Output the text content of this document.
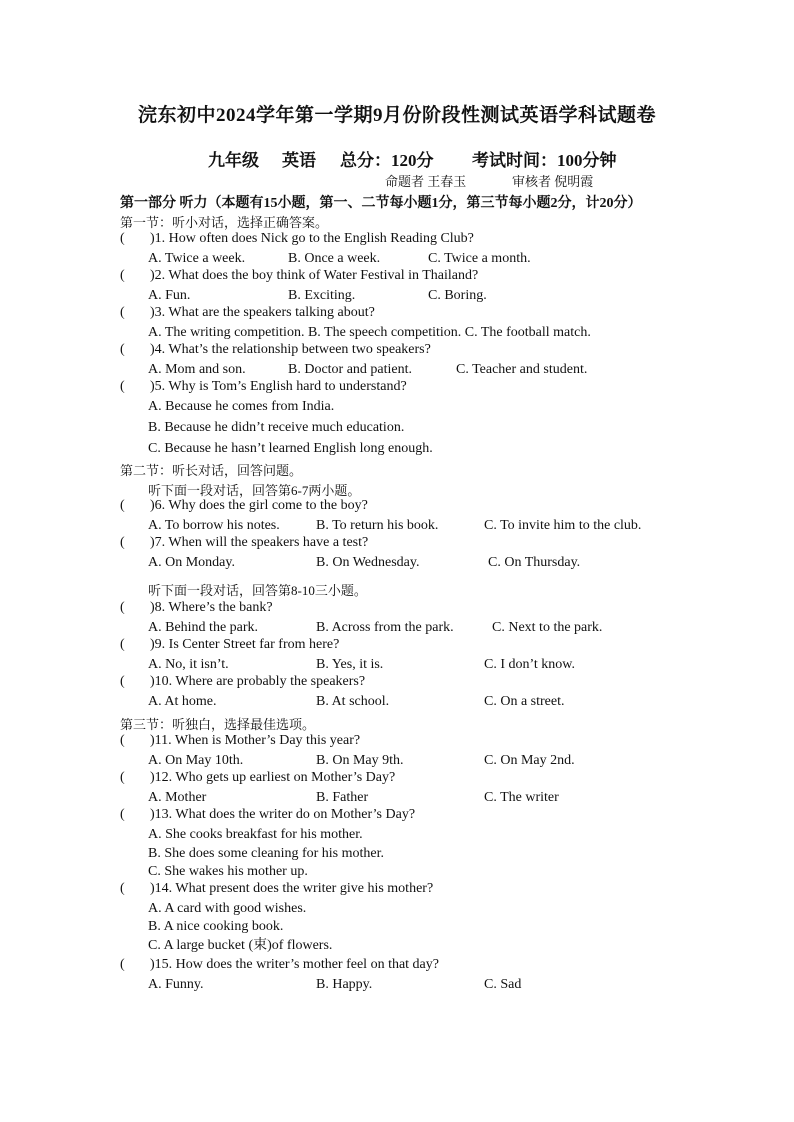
浣东初中2024学年第一学期9月份阶段性测试英语学科试题卷
九年级 英语 总分：120分 考试时间：100分钟
命题者 王春玉	审核者 倪明霞
第一部分 听力（本题有15小题，第一、二节每小题1分，第三节每小题2分，计20分）
第一节：听小对话，选择正确答案。
第二节：听长对话，回答问题。
听下面一段对话，回答第6-7两小题。
听下面一段对话，回答第8-10三小题。
第三节：听独白，选择最佳选项。
( )1. How often does Nick go to the English Reading Club?
A. Twice a week.	B. Once a week.	C. Twice a month.
( )2. What does the boy think of Water Festival in Thailand?
A. Fun.	B. Exciting.	C. Boring.
( )3. What are the speakers talking about?
A. The writing competition. B. The speech competition. C. The football match.
( )4. What’s the relationship between two speakers?
A. Mom and son.	B. Doctor and patient.	C. Teacher and student.
( )5. Why is Tom’s English hard to understand?
A. Because he comes from India.
B. Because he didn’t receive much education.
C. Because he hasn’t learned English long enough.
( )6. Why does the girl come to the boy?
A. To borrow his notes.	B. To return his book.	C. To invite him to the club.
( )7. When will the speakers have a test?
A. On Monday.	B. On Wednesday.	C. On Thursday.
( )8. Where’s the bank?
A. Behind the park.	B. Across from the park.	C. Next to the park.
( )9. Is Center Street far from here?
A. No, it isn’t.	B. Yes, it is.	C. I don’t know.
( )10. Where are probably the speakers?
A. At home.	B. At school.	C. On a street.
( )11. When is Mother’s Day this year?
A. On May 10th.	B. On May 9th.	C. On May 2nd.
( )12. Who gets up earliest on Mother’s Day?
A. Mother	B. Father	C. The writer
( )13. What does the writer do on Mother’s Day?
A. She cooks breakfast for his mother.
B. She does some cleaning for his mother.
C. She wakes his mother up.
( )14. What present does the writer give his mother?
A. A card with good wishes.
B. A nice cooking book.
C. A large bucket (束)of flowers.
( )15. How does the writer’s mother feel on that day?
A. Funny.	B. Happy.	C. Sad
